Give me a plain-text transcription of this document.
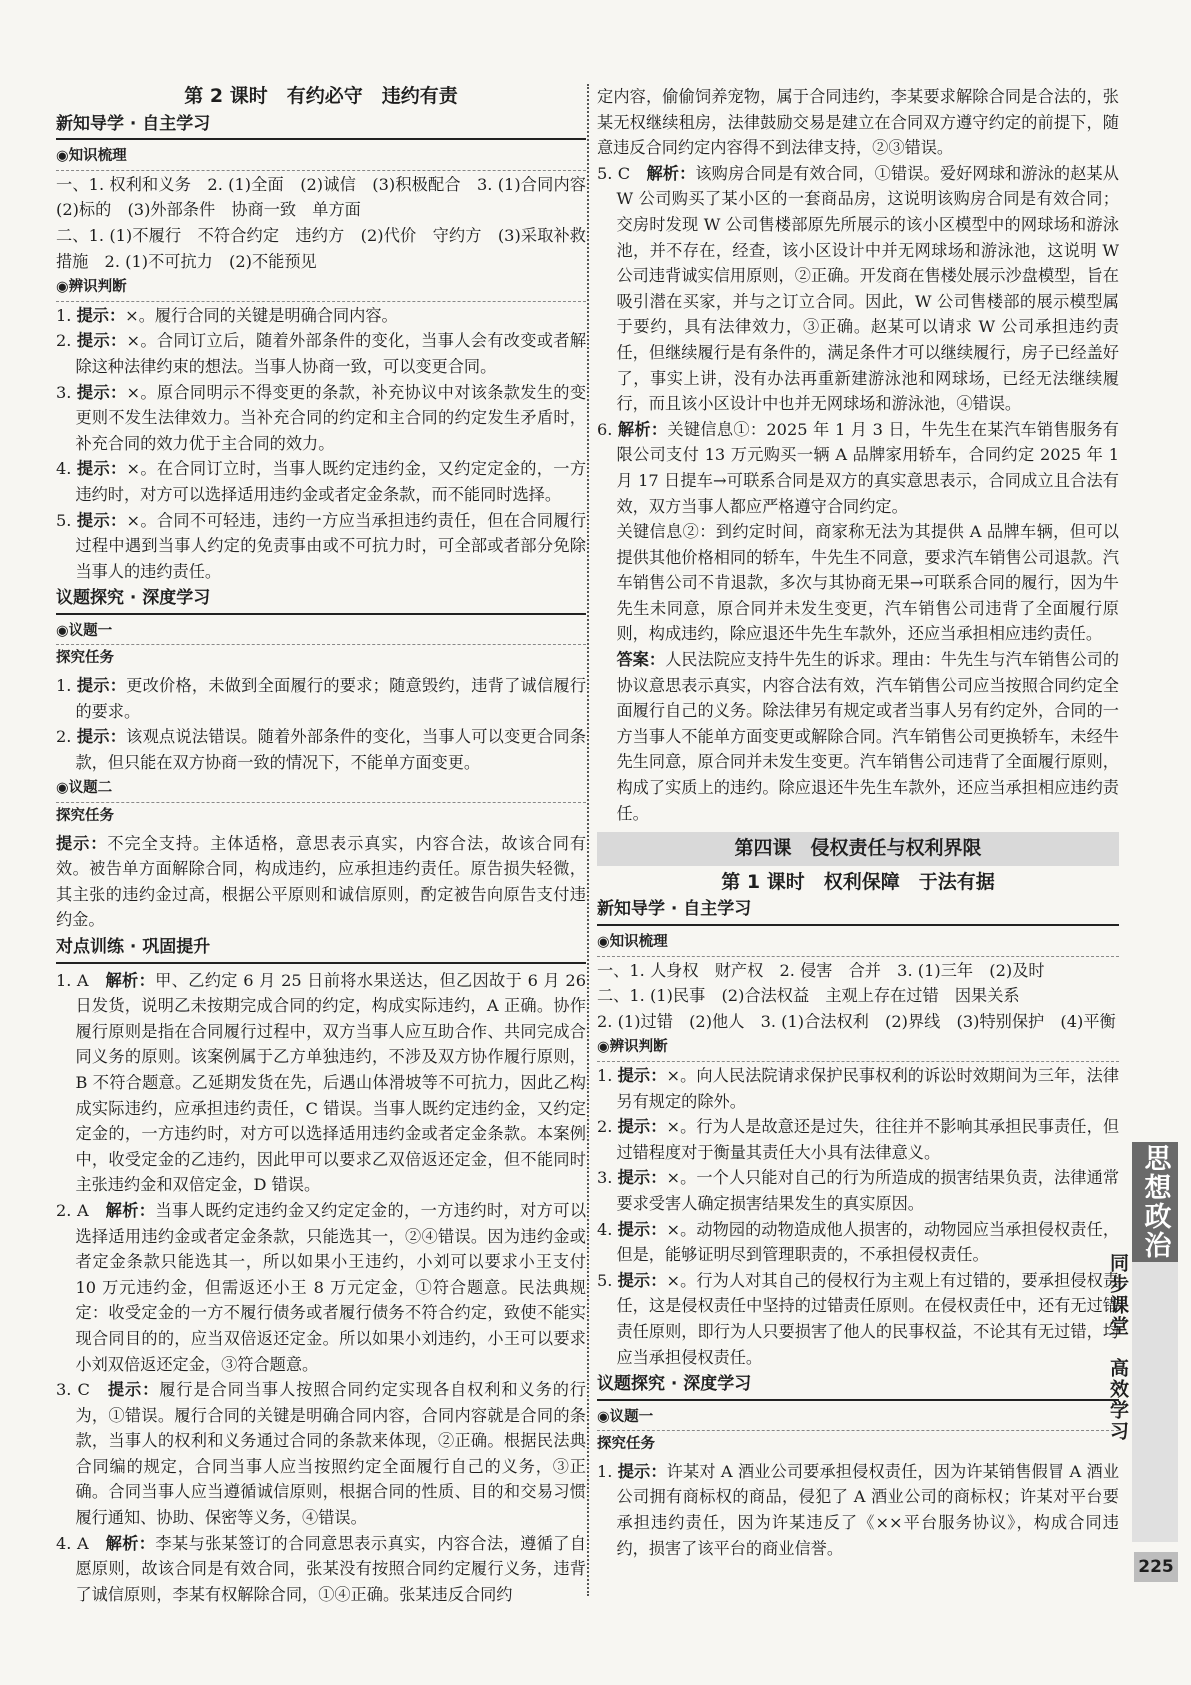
第 2 课时　有约必守　违约有责
新知导学 · 自主学习
◉知识梳理

一、1. 权利和义务　2. (1)全面　(2)诚信　(3)积极配合　3. (1)合同内容　(2)标的　(3)外部条件　协商一致　单方面

二、1. (1)不履行　不符合约定　违约方　(2)代价　守约方　(3)采取补救措施　2. (1)不可抗力　(2)不能预见

◉辨识判断

1. 提示：×。履行合同的关键是明确合同内容。

2. 提示：×。合同订立后，随着外部条件的变化，当事人会有改变或者解除这种法律约束的想法。当事人协商一致，可以变更合同。

3. 提示：×。原合同明示不得变更的条款，补充协议中对该条款发生的变更则不发生法律效力。当补充合同的约定和主合同的约定发生矛盾时，补充合同的效力优于主合同的效力。

4. 提示：×。在合同订立时，当事人既约定违约金，又约定定金的，一方违约时，对方可以选择适用违约金或者定金条款，而不能同时选择。

5. 提示：×。合同不可轻违，违约一方应当承担违约责任，但在合同履行过程中遇到当事人约定的免责事由或不可抗力时，可全部或者部分免除当事人的违约责任。

议题探究 · 深度学习
◉议题一
探究任务

1. 提示：更改价格，未做到全面履行的要求；随意毁约，违背了诚信履行的要求。

2. 提示：该观点说法错误。随着外部条件的变化，当事人可以变更合同条款，但只能在双方协商一致的情况下，不能单方面变更。

◉议题二
探究任务

提示：不完全支持。主体适格，意思表示真实，内容合法，故该合同有效。被告单方面解除合同，构成违约，应承担违约责任。原告损失轻微，其主张的违约金过高，根据公平原则和诚信原则，酌定被告向原告支付违约金。

对点训练 · 巩固提升

1. A　解析：甲、乙约定 6 月 25 日前将水果送达，但乙因故于 6 月 26 日发货，说明乙未按期完成合同的约定，构成实际违约，A 正确。协作履行原则是指在合同履行过程中，双方当事人应互助合作、共同完成合同义务的原则。该案例属于乙方单独违约，不涉及双方协作履行原则，B 不符合题意。乙延期发货在先，后遇山体滑坡等不可抗力，因此乙构成实际违约，应承担违约责任，C 错误。当事人既约定违约金，又约定定金的，一方违约时，对方可以选择适用违约金或者定金条款。本案例中，收受定金的乙违约，因此甲可以要求乙双倍返还定金，但不能同时主张违约金和双倍定金，D 错误。

2. A　解析：当事人既约定违约金又约定定金的，一方违约时，对方可以选择适用违约金或者定金条款，只能选其一，②④错误。因为违约金或者定金条款只能选其一，所以如果小王违约，小刘可以要求小王支付 10 万元违约金，但需返还小王 8 万元定金，①符合题意。民法典规定：收受定金的一方不履行债务或者履行债务不符合约定，致使不能实现合同目的的，应当双倍返还定金。所以如果小刘违约，小王可以要求小刘双倍返还定金，③符合题意。

3. C　提示：履行是合同当事人按照合同约定实现各自权利和义务的行为，①错误。履行合同的关键是明确合同内容，合同内容就是合同的条款，当事人的权利和义务通过合同的条款来体现，②正确。根据民法典合同编的规定，合同当事人应当按照约定全面履行自己的义务，③正确。合同当事人应当遵循诚信原则，根据合同的性质、目的和交易习惯履行通知、协助、保密等义务，④错误。

4. A　解析：李某与张某签订的合同意思表示真实，内容合法，遵循了自愿原则，故该合同是有效合同，张某没有按照合同约定履行义务，违背了诚信原则，李某有权解除合同，①④正确。张某违反合同约

定内容，偷偷饲养宠物，属于合同违约，李某要求解除合同是合法的，张某无权继续租房，法律鼓励交易是建立在合同双方遵守约定的前提下，随意违反合同约定内容得不到法律支持，②③错误。

5. C　解析：该购房合同是有效合同，①错误。爱好网球和游泳的赵某从 W 公司购买了某小区的一套商品房，这说明该购房合同是有效合同；交房时发现 W 公司售楼部原先所展示的该小区模型中的网球场和游泳池，并不存在，经查，该小区设计中并无网球场和游泳池，这说明 W 公司违背诚实信用原则，②正确。开发商在售楼处展示沙盘模型，旨在吸引潜在买家，并与之订立合同。因此，W 公司售楼部的展示模型属于要约，具有法律效力，③正确。赵某可以请求 W 公司承担违约责任，但继续履行是有条件的，满足条件才可以继续履行，房子已经盖好了，事实上讲，没有办法再重新建游泳池和网球场，已经无法继续履行，而且该小区设计中也并无网球场和游泳池，④错误。

6. 解析：关键信息①：2025 年 1 月 3 日，牛先生在某汽车销售服务有限公司支付 13 万元购买一辆 A 品牌家用轿车，合同约定 2025 年 1 月 17 日提车→可联系合同是双方的真实意思表示，合同成立且合法有效，双方当事人都应严格遵守合同约定。

关键信息②：到约定时间，商家称无法为其提供 A 品牌车辆，但可以提供其他价格相同的轿车，牛先生不同意，要求汽车销售公司退款。汽车销售公司不肯退款，多次与其协商无果→可联系合同的履行，因为牛先生未同意，原合同并未发生变更，汽车销售公司违背了全面履行原则，构成违约，除应退还牛先生车款外，还应当承担相应违约责任。

答案：人民法院应支持牛先生的诉求。理由：牛先生与汽车销售公司的协议意思表示真实，内容合法有效，汽车销售公司应当按照合同约定全面履行自己的义务。除法律另有规定或者当事人另有约定外，合同的一方当事人不能单方面变更或解除合同。汽车销售公司更换轿车，未经牛先生同意，原合同并未发生变更。汽车销售公司违背了全面履行原则，构成了实质上的违约。除应退还牛先生车款外，还应当承担相应违约责任。

第四课　侵权责任与权利界限
第 1 课时　权利保障　于法有据
新知导学 · 自主学习
◉知识梳理

一、1. 人身权　财产权　2. 侵害　合并　3. (1)三年　(2)及时

二、1. (1)民事　(2)合法权益　主观上存在过错　因果关系

2. (1)过错　(2)他人　3. (1)合法权利　(2)界线　(3)特别保护　(4)平衡

◉辨识判断

1. 提示：×。向人民法院请求保护民事权利的诉讼时效期间为三年，法律另有规定的除外。

2. 提示：×。行为人是故意还是过失，往往并不影响其承担民事责任，但过错程度对于衡量其责任大小具有法律意义。

3. 提示：×。一个人只能对自己的行为所造成的损害结果负责，法律通常要求受害人确定损害结果发生的真实原因。

4. 提示：×。动物园的动物造成他人损害的，动物园应当承担侵权责任，但是，能够证明尽到管理职责的，不承担侵权责任。

5. 提示：×。行为人对其自己的侵权行为主观上有过错的，要承担侵权责任，这是侵权责任中坚持的过错责任原则。在侵权责任中，还有无过错责任原则，即行为人只要损害了他人的民事权益，不论其有无过错，均应当承担侵权责任。

议题探究 · 深度学习
◉议题一
探究任务

1. 提示：许某对 A 酒业公司要承担侵权责任，因为许某销售假冒 A 酒业公司拥有商标权的商品，侵犯了 A 酒业公司的商标权；许某对平台要承担违约责任，因为许某违反了《××平台服务协议》，构成合同违约，损害了该平台的商业信誉。

思想政治
同步课堂　高效学习
225
